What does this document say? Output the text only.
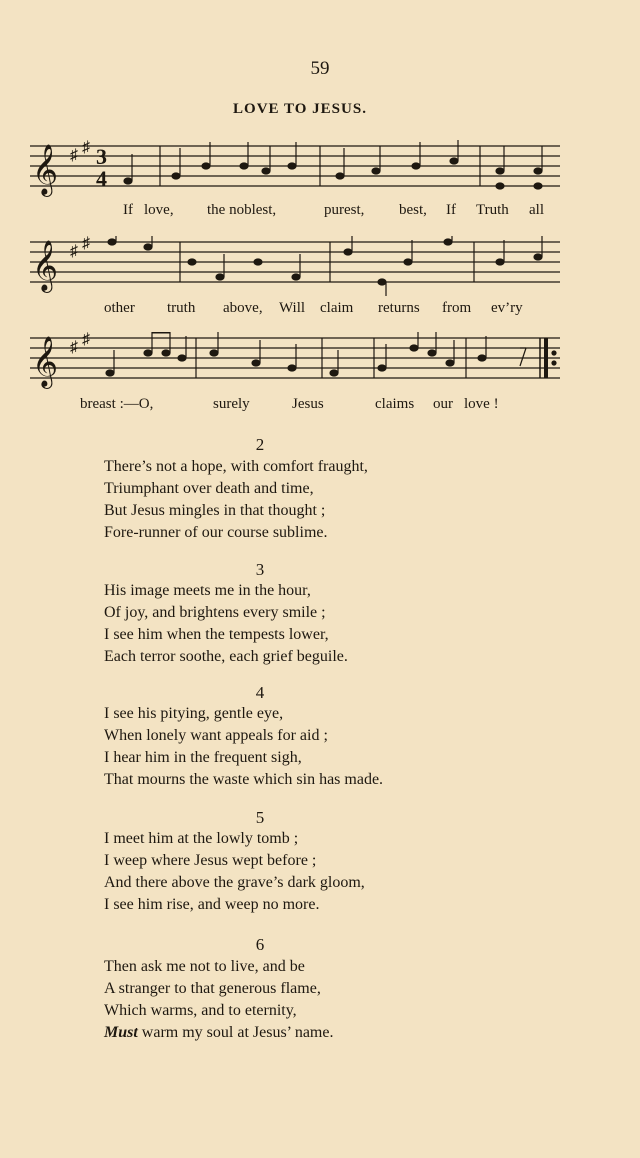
59
LOVE TO JESUS.
𝄞 ♯ ♯ 3
4
If love, the noblest,	purest, best, If Truth all
𝄞 ♯ ♯
other truth above, Will claim returns from ev’ry
𝄞 ♯ ♯
breast :—O,	surely	Jesus	claims our love !
2
There’s not a hope, with comfort fraught,
Triumphant over death and time,
But Jesus mingles in that thought ;
Fore-runner of our course sublime.
3
His image meets me in the hour,
Of joy, and brightens every smile ;
I see him when the tempests lower,
Each terror soothe, each grief beguile.
4
I see his pitying, gentle eye,
When lonely want appeals for aid ;
I hear him in the frequent sigh,
That mourns the waste which sin has made.
5
I meet him at the lowly tomb ;
I weep where Jesus wept before ;
And there above the grave’s dark gloom,
I see him rise, and weep no more.
6
Then ask me not to live, and be
A stranger to that generous flame,
Which warms, and to eternity,
Must warm my soul at Jesus’ name.
